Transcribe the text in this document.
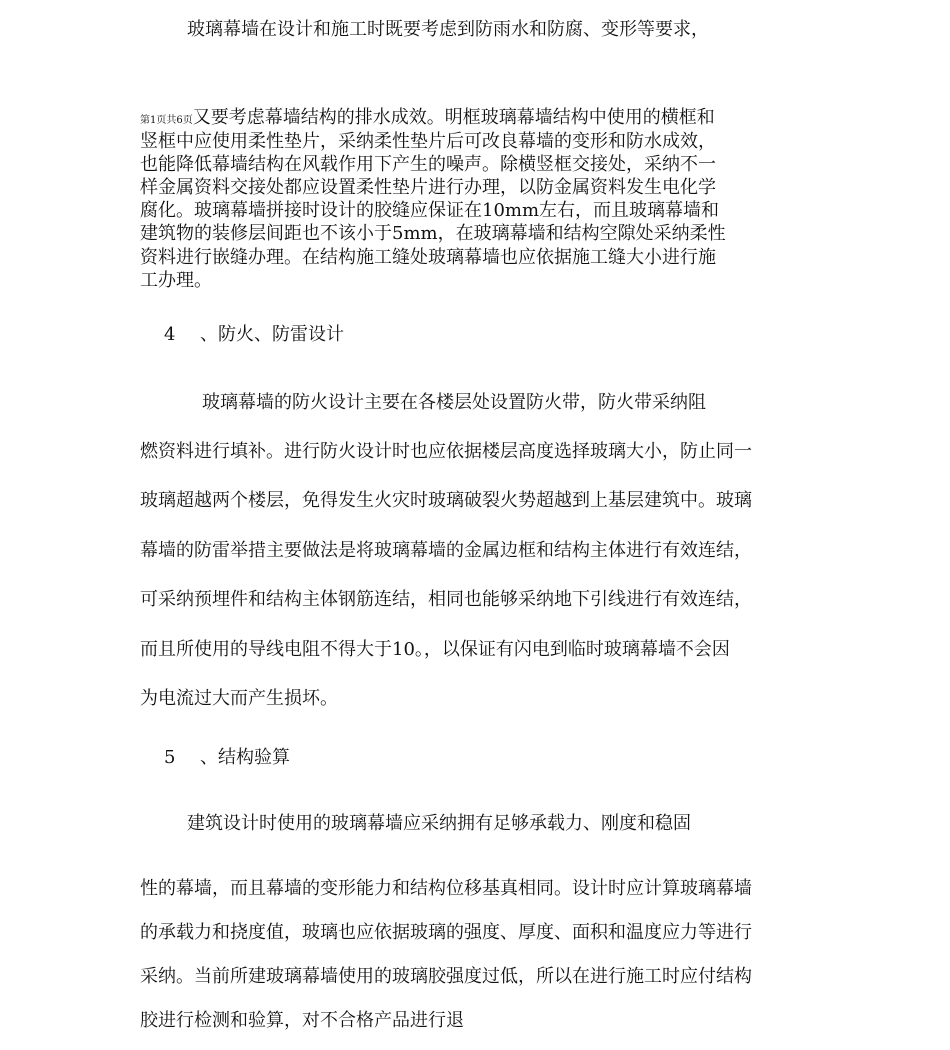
玻璃幕墙在设计和施工时既要考虑到防雨水和防腐、变形等要求，
第1页共6页又要考虑幕墙结构的排水成效。明框玻璃幕墙结构中使用的横框和
竖框中应使用柔性垫片，采纳柔性垫片后可改良幕墙的变形和防水成效，
也能降低幕墙结构在风载作用下产生的噪声。除横竖框交接处，采纳不一
样金属资料交接处都应设置柔性垫片进行办理，以防金属资料发生电化学
腐化。玻璃幕墙拼接时设计的胶缝应保证在10mm左右，而且玻璃幕墙和
建筑物的装修层间距也不该小于5mm，在玻璃幕墙和结构空隙处采纳柔性
资料进行嵌缝办理。在结构施工缝处玻璃幕墙也应依据施工缝大小进行施
工办理。
4 、防火、防雷设计
玻璃幕墙的防火设计主要在各楼层处设置防火带，防火带采纳阻
燃资料进行填补。进行防火设计时也应依据楼层高度选择玻璃大小，防止同一
玻璃超越两个楼层，免得发生火灾时玻璃破裂火势超越到上基层建筑中。玻璃
幕墙的防雷举措主要做法是将玻璃幕墙的金属边框和结构主体进行有效连结，
可采纳预埋件和结构主体钢筋连结，相同也能够采纳地下引线进行有效连结，
而且所使用的导线电阻不得大于10。，以保证有闪电到临时玻璃幕墙不会因
为电流过大而产生损坏。
5 、结构验算
建筑设计时使用的玻璃幕墙应采纳拥有足够承载力、刚度和稳固
性的幕墙，而且幕墙的变形能力和结构位移基真相同。设计时应计算玻璃幕墙
的承载力和挠度值，玻璃也应依据玻璃的强度、厚度、面积和温度应力等进行
采纳。当前所建玻璃幕墙使用的玻璃胶强度过低，所以在进行施工时应付结构
胶进行检测和验算，对不合格产品进行退
